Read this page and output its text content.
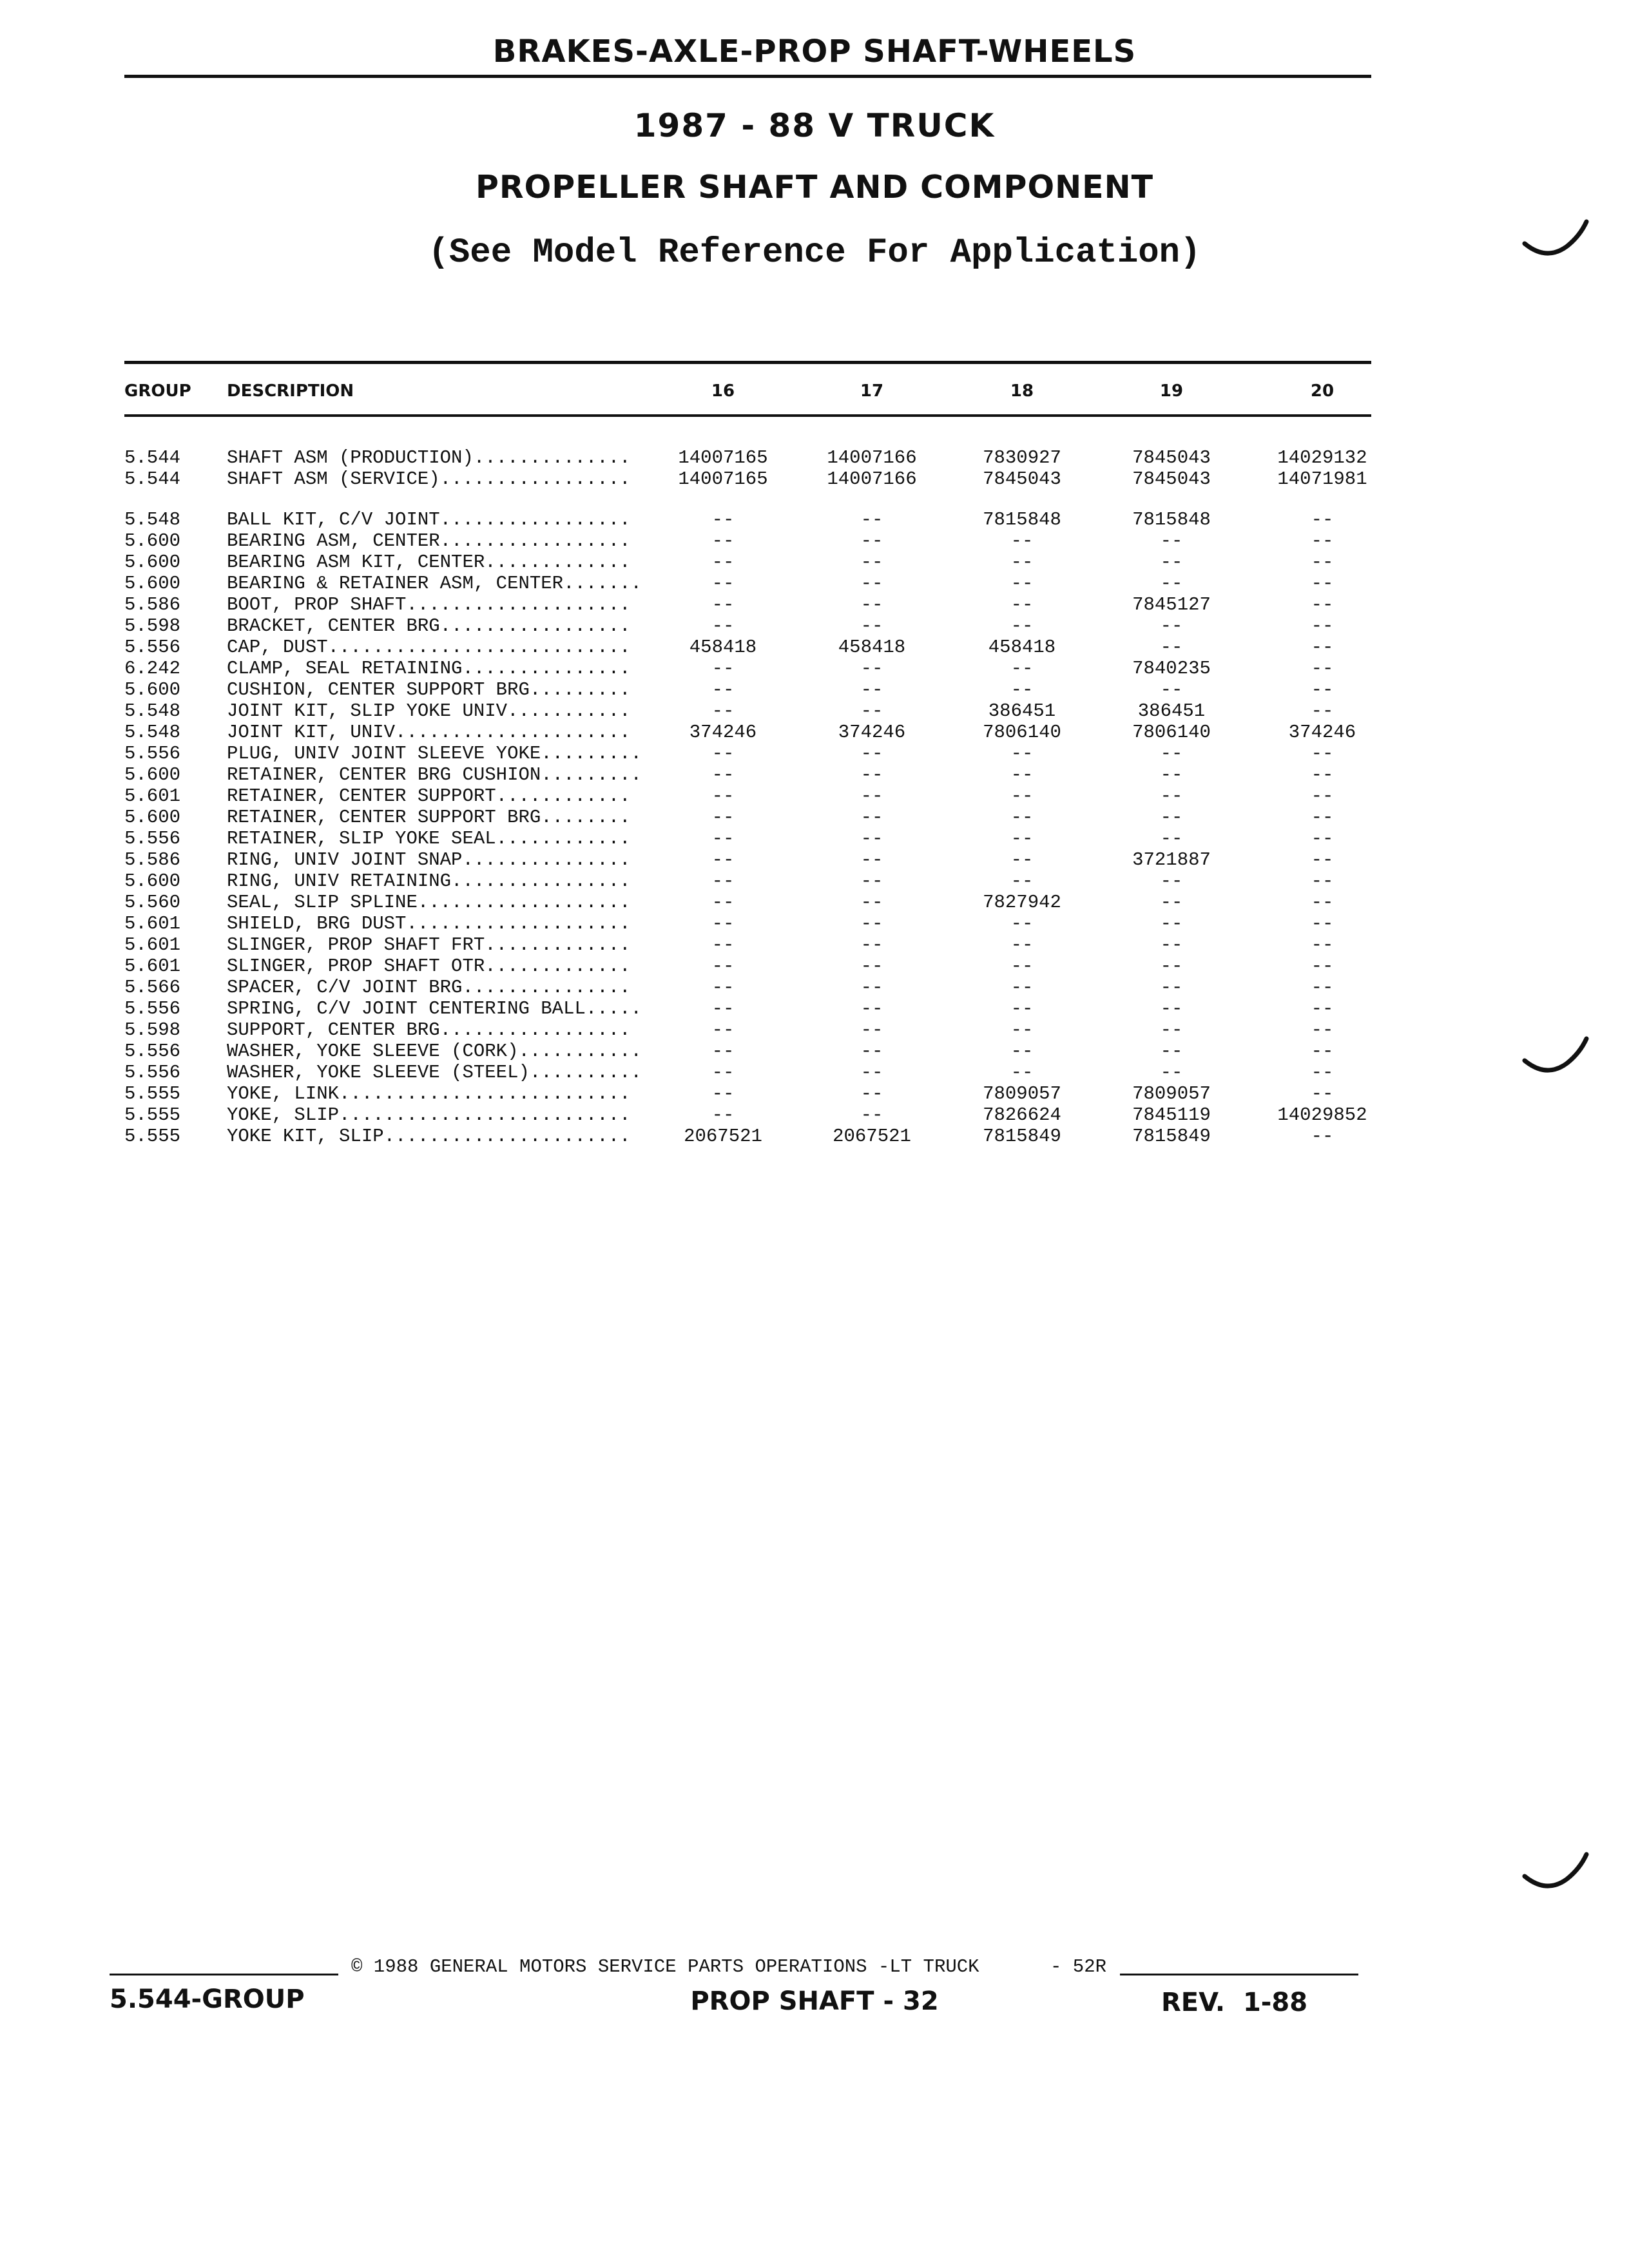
BRAKES-AXLE-PROP SHAFT-WHEELS
1987 - 88 V TRUCK
PROPELLER SHAFT AND COMPONENT
(See Model Reference For Application)
GROUP DESCRIPTION	16	17	18	19	20
5.544 SHAFT ASM (PRODUCTION)..............	14007165	14007166	7830927	7845043	14029132
5.544 SHAFT ASM (SERVICE).................	14007165	14007166	7845043	7845043	14071981
5.548 BALL KIT, C/V JOINT.................	--	--	7815848	7815848	--
5.600 BEARING ASM, CENTER.................	--	--	--	--	--
5.600 BEARING ASM KIT, CENTER.............	--	--	--	--	--
5.600 BEARING & RETAINER ASM, CENTER.......	--	--	--	--	--
5.586 BOOT, PROP SHAFT....................	--	--	--	7845127	--
5.598 BRACKET, CENTER BRG.................	--	--	--	--	--
5.556 CAP, DUST...........................	458418	458418	458418	--	--
6.242 CLAMP, SEAL RETAINING...............	--	--	--	7840235	--
5.600 CUSHION, CENTER SUPPORT BRG.........	--	--	--	--	--
5.548 JOINT KIT, SLIP YOKE UNIV...........	--	--	386451	386451	--
5.548 JOINT KIT, UNIV.....................	374246	374246	7806140	7806140	374246
5.556 PLUG, UNIV JOINT SLEEVE YOKE.........	--	--	--	--	--
5.600 RETAINER, CENTER BRG CUSHION.........	--	--	--	--	--
5.601 RETAINER, CENTER SUPPORT............	--	--	--	--	--
5.600 RETAINER, CENTER SUPPORT BRG........	--	--	--	--	--
5.556 RETAINER, SLIP YOKE SEAL............	--	--	--	--	--
5.586 RING, UNIV JOINT SNAP...............	--	--	--	3721887	--
5.600 RING, UNIV RETAINING................	--	--	--	--	--
5.560 SEAL, SLIP SPLINE...................	--	--	7827942	--	--
5.601 SHIELD, BRG DUST....................	--	--	--	--	--
5.601 SLINGER, PROP SHAFT FRT.............	--	--	--	--	--
5.601 SLINGER, PROP SHAFT OTR.............	--	--	--	--	--
5.566 SPACER, C/V JOINT BRG...............	--	--	--	--	--
5.556 SPRING, C/V JOINT CENTERING BALL.....	--	--	--	--	--
5.598 SUPPORT, CENTER BRG.................	--	--	--	--	--
5.556 WASHER, YOKE SLEEVE (CORK)...........	--	--	--	--	--
5.556 WASHER, YOKE SLEEVE (STEEL)..........	--	--	--	--	--
5.555 YOKE, LINK..........................	--	--	7809057	7809057	--
5.555 YOKE, SLIP..........................	--	--	7826624	7845119	14029852
5.555 YOKE KIT, SLIP......................	2067521	2067521	7815849	7815849	--
© 1988 GENERAL MOTORS SERVICE PARTS OPERATIONS -LT TRUCK	- 52R
5.544-GROUP	PROP SHAFT - 32	REV.  1-88
